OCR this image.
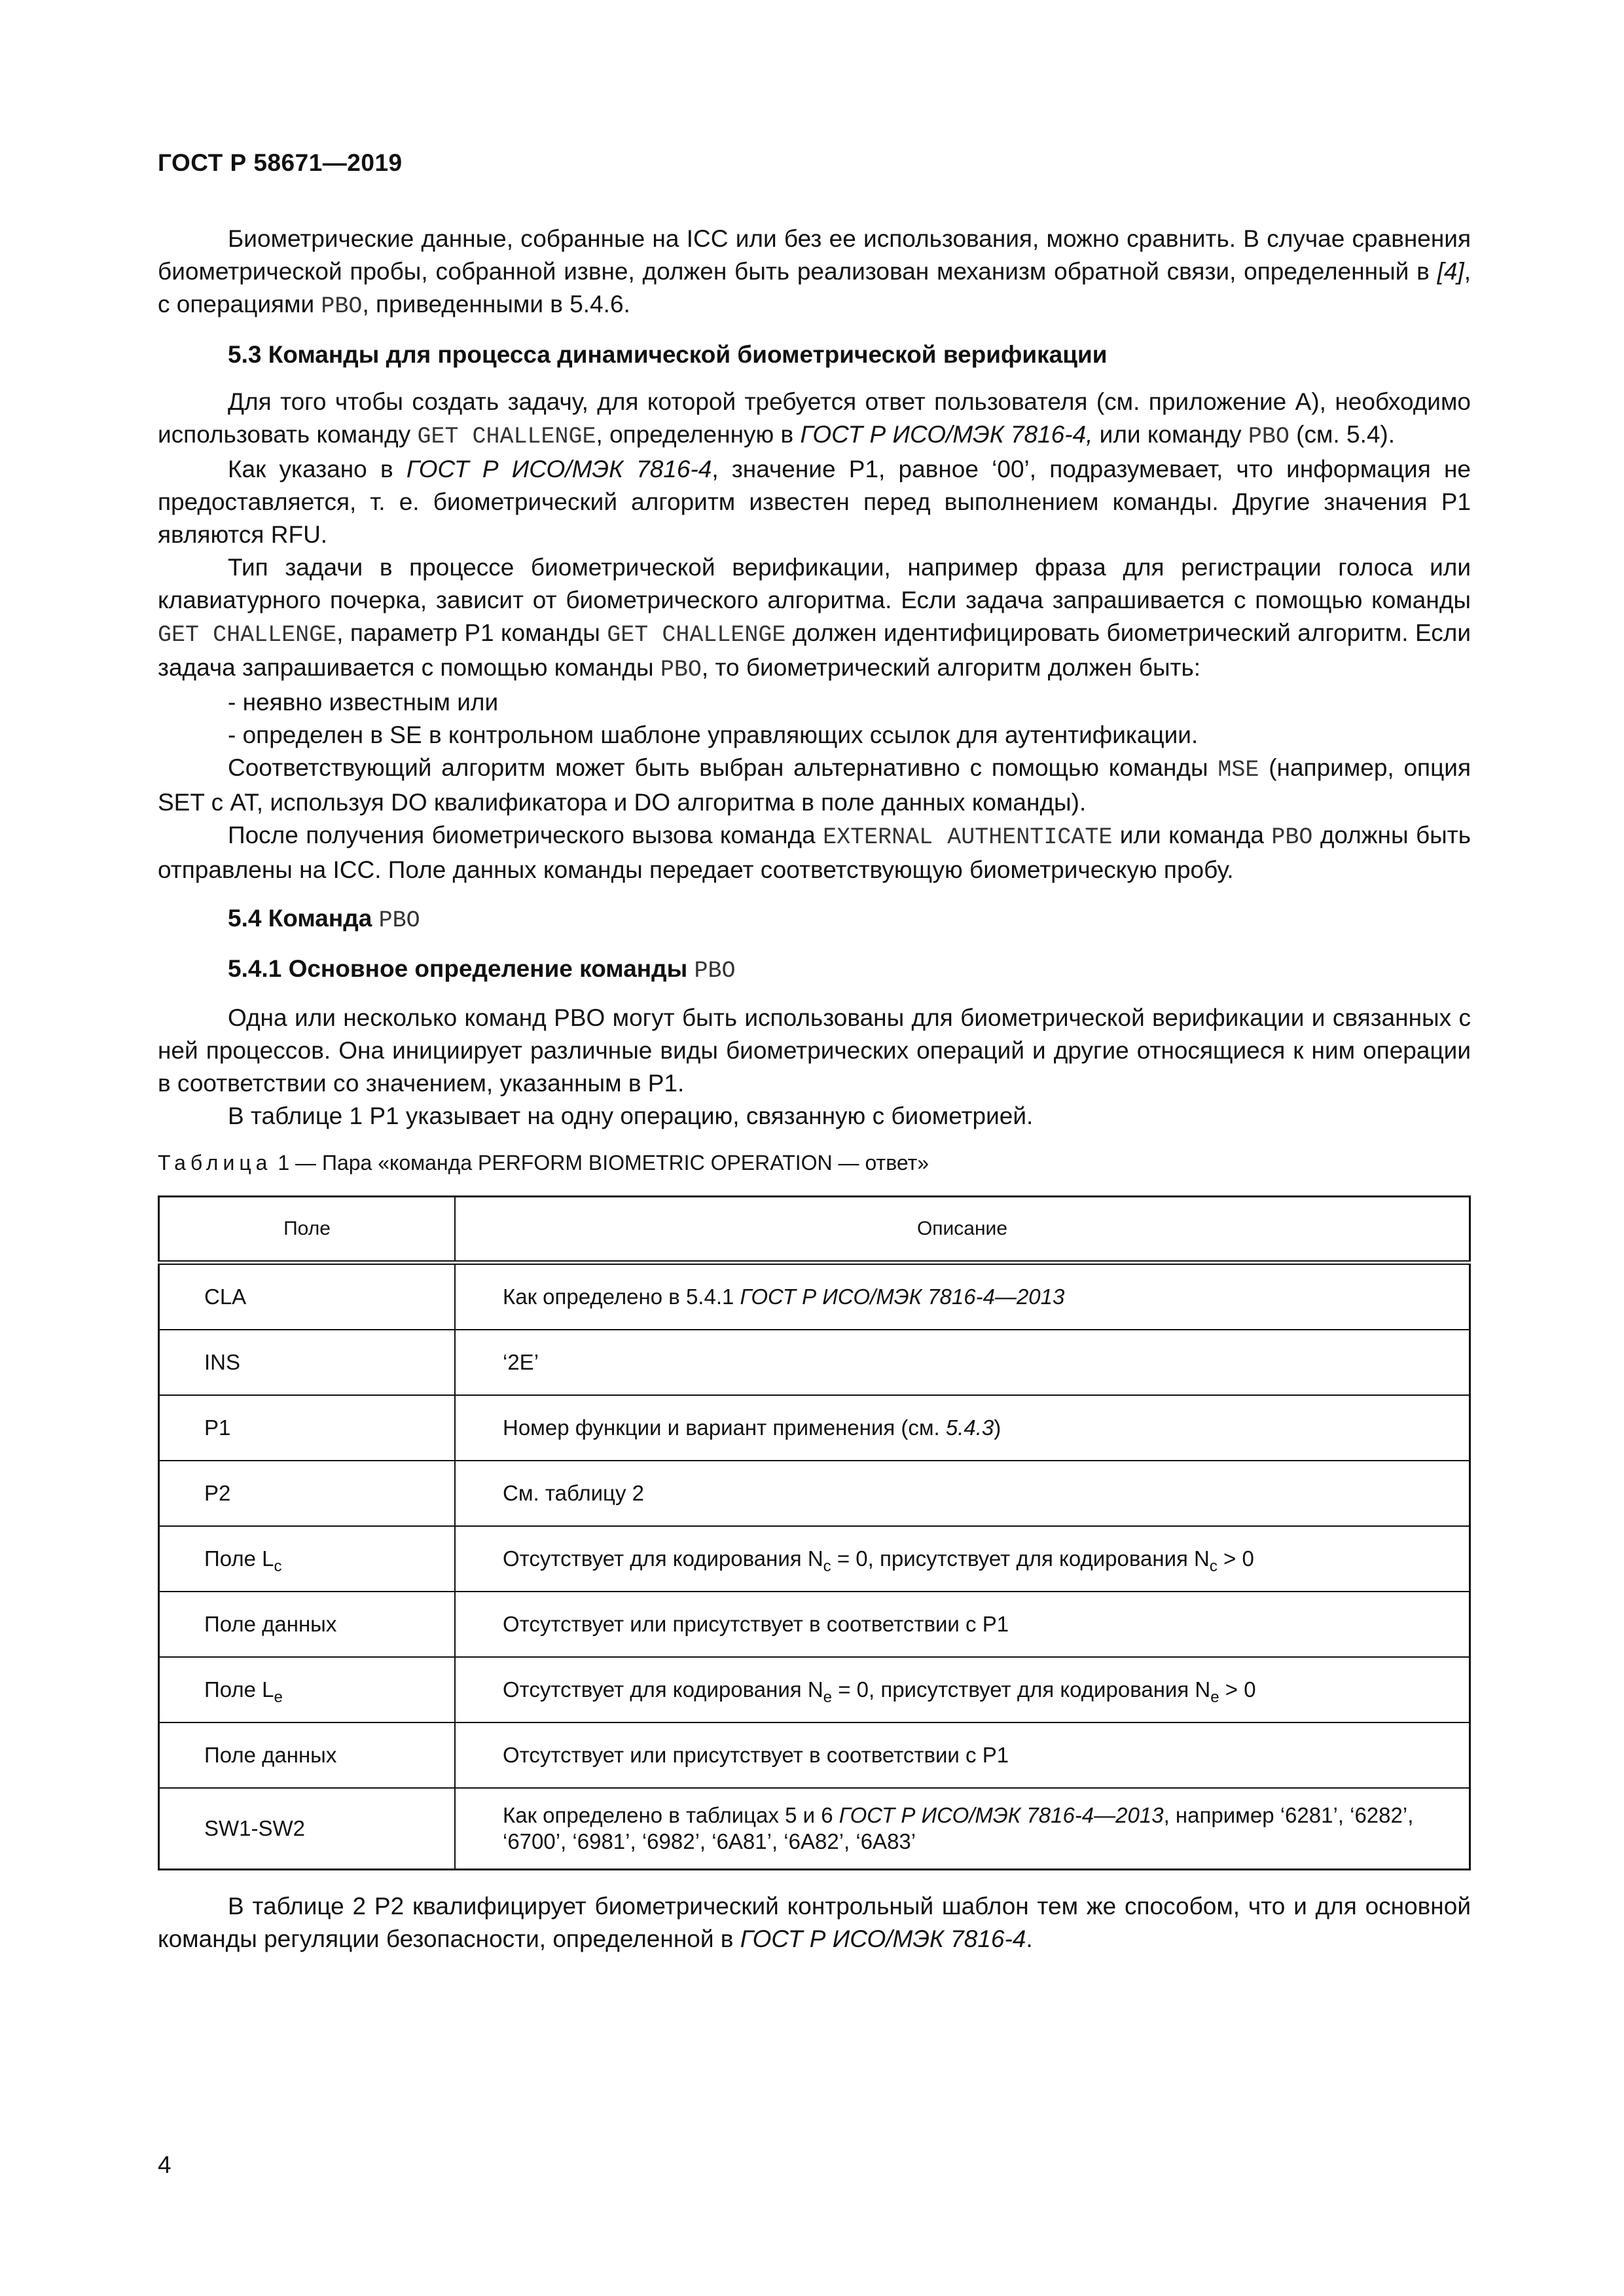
ГОСТ Р 58671—2019

Биометрические данные, собранные на ICC или без ее использования, можно сравнить. В случае сравнения биометрической пробы, собранной извне, должен быть реализован механизм обратной связи, определенный в [4], с операциями PBO, приведенными в 5.4.6.

5.3 Команды для процесса динамической биометрической верификации

Для того чтобы создать задачу, для которой требуется ответ пользователя (см. приложение А), необходимо использовать команду GET CHALLENGE, определенную в ГОСТ Р ИСО/МЭК 7816-4, или команду PBO (см. 5.4).

Как указано в ГОСТ Р ИСО/МЭК 7816-4, значение P1, равное ‘00’, подразумевает, что информация не предоставляется, т. е. биометрический алгоритм известен перед выполнением команды. Другие значения P1 являются RFU.

Тип задачи в процессе биометрической верификации, например фраза для регистрации голоса или клавиатурного почерка, зависит от биометрического алгоритма. Если задача запрашивается с помощью команды GET CHALLENGE, параметр P1 команды GET CHALLENGE должен идентифицировать биометрический алгоритм. Если задача запрашивается с помощью команды PBO, то биометрический алгоритм должен быть:

- неявно известным или

- определен в SE в контрольном шаблоне управляющих ссылок для аутентификации.

Соответствующий алгоритм может быть выбран альтернативно с помощью команды MSE (например, опция SET с AT, используя DO квалификатора и DO алгоритма в поле данных команды).

После получения биометрического вызова команда EXTERNAL AUTHENTICATE или команда PBO должны быть отправлены на ICC. Поле данных команды передает соответствующую биометрическую пробу.

5.4 Команда PBO

5.4.1 Основное определение команды PBO

Одна или несколько команд PBO могут быть использованы для биометрической верификации и связанных с ней процессов. Она инициирует различные виды биометрических операций и другие относящиеся к ним операции в соответствии со значением, указанным в P1.

В таблице 1 P1 указывает на одну операцию, связанную с биометрией.

Таблица 1 — Пара «команда PERFORM BIOMETRIC OPERATION — ответ»
Поле	Описание
CLA	Как определено в 5.4.1 ГОСТ Р ИСО/МЭК 7816-4—2013
INS	‘2E’
P1	Номер функции и вариант применения (см. 5.4.3)
P2	См. таблицу 2
Поле $L_c$	Отсутствует для кодирования $N_c = 0$, присутствует для кодирования $N_c > 0$
Поле данных	Отсутствует или присутствует в соответствии с P1
Поле $L_e$	Отсутствует для кодирования $N_e = 0$, присутствует для кодирования $N_e > 0$
Поле данных	Отсутствует или присутствует в соответствии с P1
SW1-SW2	Как определено в таблицах 5 и 6 ГОСТ Р ИСО/МЭК 7816-4—2013, например ‘6281’, ‘6282’, ‘6700’, ‘6981’, ‘6982’, ‘6A81’, ‘6A82’, ‘6A83’

В таблице 2 P2 квалифицирует биометрический контрольный шаблон тем же способом, что и для основной команды регуляции безопасности, определенной в ГОСТ Р ИСО/МЭК 7816-4.

4
